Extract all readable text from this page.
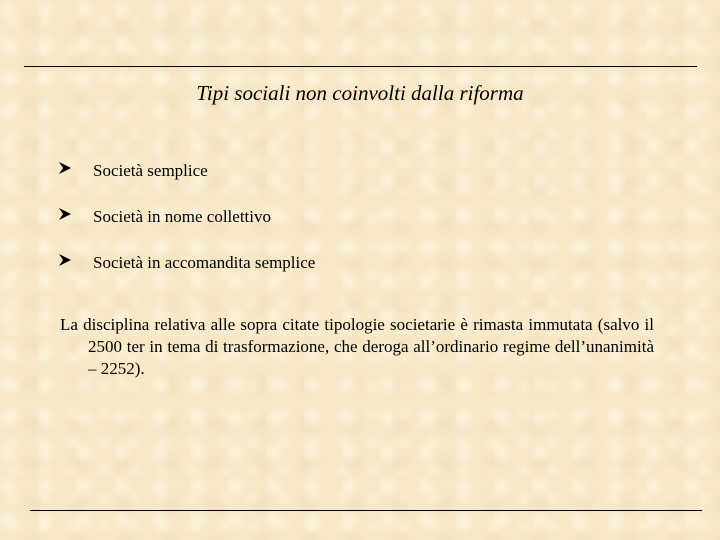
Tipi sociali non coinvolti dalla riforma
Società semplice
Società in nome collettivo
Società in accomandita semplice

La disciplina relativa alle sopra citate tipologie societarie è rimasta immutata (salvo il 2500 ter in tema di trasformazione, che deroga all’ordinario regime dell’unanimità – 2252).
